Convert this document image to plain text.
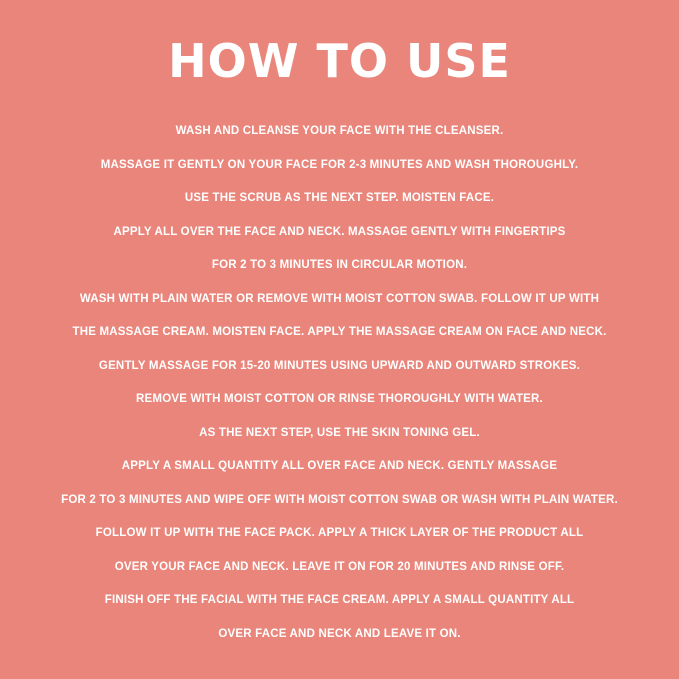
HOW TO USE
WASH AND CLEANSE YOUR FACE WITH THE CLEANSER.
MASSAGE IT GENTLY ON YOUR FACE FOR 2-3 MINUTES AND WASH THOROUGHLY.
USE THE SCRUB AS THE NEXT STEP. MOISTEN FACE.
APPLY ALL OVER THE FACE AND NECK. MASSAGE GENTLY WITH FINGERTIPS
FOR 2 TO 3 MINUTES IN CIRCULAR MOTION.
WASH WITH PLAIN WATER OR REMOVE WITH MOIST COTTON SWAB. FOLLOW IT UP WITH
THE MASSAGE CREAM. MOISTEN FACE. APPLY THE MASSAGE CREAM ON FACE AND NECK.
GENTLY MASSAGE FOR 15-20 MINUTES USING UPWARD AND OUTWARD STROKES.
REMOVE WITH MOIST COTTON OR RINSE THOROUGHLY WITH WATER.
AS THE NEXT STEP, USE THE SKIN TONING GEL.
APPLY A SMALL QUANTITY ALL OVER FACE AND NECK. GENTLY MASSAGE
FOR 2 TO 3 MINUTES AND WIPE OFF WITH MOIST COTTON SWAB OR WASH WITH PLAIN WATER.
FOLLOW IT UP WITH THE FACE PACK. APPLY A THICK LAYER OF THE PRODUCT ALL
OVER YOUR FACE AND NECK. LEAVE IT ON FOR 20 MINUTES AND RINSE OFF.
FINISH OFF THE FACIAL WITH THE FACE CREAM. APPLY A SMALL QUANTITY ALL
OVER FACE AND NECK AND LEAVE IT ON.
